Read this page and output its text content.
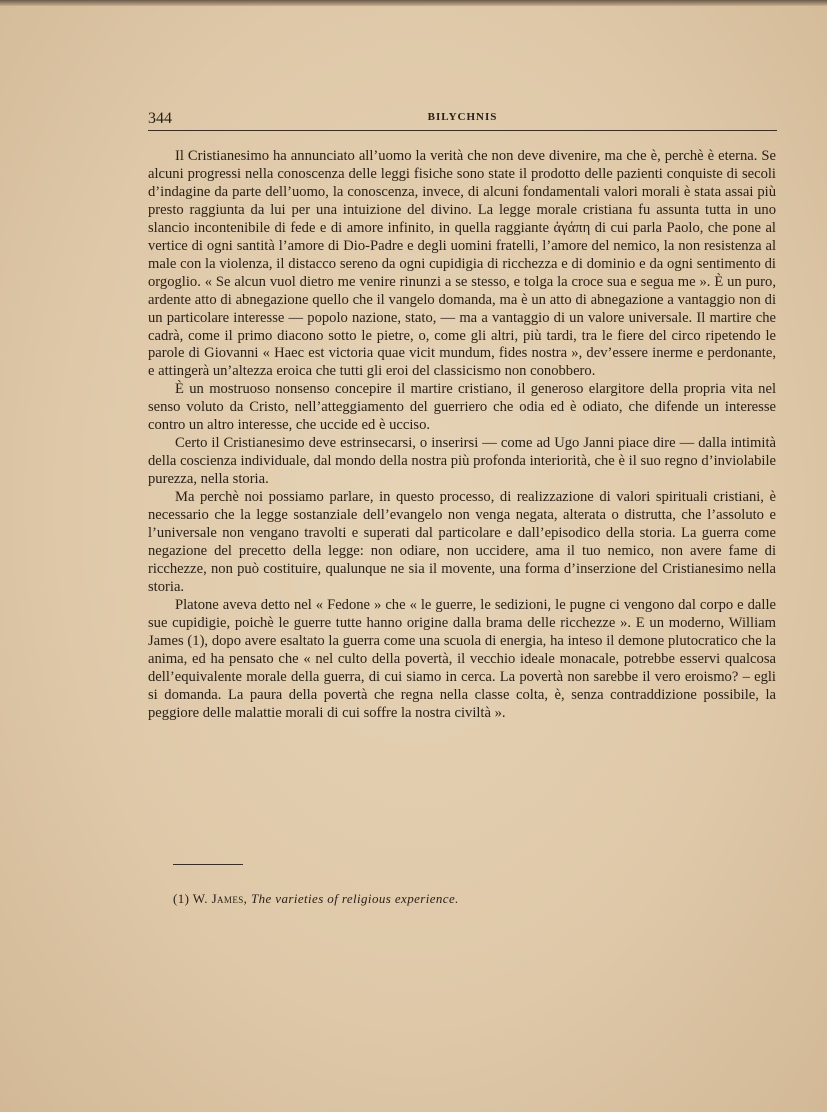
344	BILYCHNIS

Il Cristianesimo ha annunciato all’uomo la verità che non deve divenire, ma che è, perchè è eterna. Se alcuni progressi nella conoscenza delle leggi fisiche sono state il prodotto delle pazienti conquiste di secoli d’indagine da parte dell’uomo, la conoscenza, invece, di alcuni fondamentali valori morali è stata assai più presto raggiunta da lui per una intuizione del divino. La legge morale cristiana fu assunta tutta in uno slancio incontenibile di fede e di amore infinito, in quella raggiante ἀγάπη di cui parla Paolo, che pone al vertice di ogni santità l’amore di Dio-Padre e degli uomini fratelli, l’amore del nemico, la non resistenza al male con la violenza, il distacco sereno da ogni cupidigia di ricchezza e di dominio e da ogni sentimento di orgoglio. « Se alcun vuol dietro me venire rinunzi a se stesso, e tolga la croce sua e segua me ». È un puro, ardente atto di abnegazione quello che il vangelo domanda, ma è un atto di abnegazione a vantaggio non di un particolare interesse — popolo nazione, stato, — ma a vantaggio di un valore universale. Il martire che cadrà, come il primo diacono sotto le pietre, o, come gli altri, più tardi, tra le fiere del circo ripetendo le parole di Giovanni « Haec est victoria quae vicit mundum, fides nostra », dev’essere inerme e perdonante, e attingerà un’altezza eroica che tutti gli eroi del classicismo non conobbero.

È un mostruoso nonsenso concepire il martire cristiano, il generoso elargitore della propria vita nel senso voluto da Cristo, nell’atteggiamento del guerriero che odia ed è odiato, che difende un interesse contro un altro interesse, che uccide ed è ucciso.

Certo il Cristianesimo deve estrinsecarsi, o inserirsi — come ad Ugo Janni piace dire — dalla intimità della coscienza individuale, dal mondo della nostra più profonda interiorità, che è il suo regno d’inviolabile purezza, nella storia.

Ma perchè noi possiamo parlare, in questo processo, di realizzazione di valori spirituali cristiani, è necessario che la legge sostanziale dell’evangelo non venga negata, alterata o distrutta, che l’assoluto e l’universale non vengano travolti e superati dal particolare e dall’episodico della storia. La guerra come negazione del precetto della legge: non odiare, non uccidere, ama il tuo nemico, non avere fame di ricchezze, non può costituire, qualunque ne sia il movente, una forma d’inserzione del Cristianesimo nella storia.

Platone aveva detto nel « Fedone » che « le guerre, le sedizioni, le pugne ci vengono dal corpo e dalle sue cupidigie, poichè le guerre tutte hanno origine dalla brama delle ricchezze ». E un moderno, William James (1), dopo avere esaltato la guerra come una scuola di energia, ha inteso il demone plutocratico che la anima, ed ha pensato che « nel culto della povertà, il vecchio ideale monacale, potrebbe esservi qualcosa dell’equivalente morale della guerra, di cui siamo in cerca. La povertà non sarebbe il vero eroismo? – egli si domanda. La paura della povertà che regna nella classe colta, è, senza contraddizione possibile, la peggiore delle malattie morali di cui soffre la nostra civiltà ».

(1) W. James, The varieties of religious experience.
